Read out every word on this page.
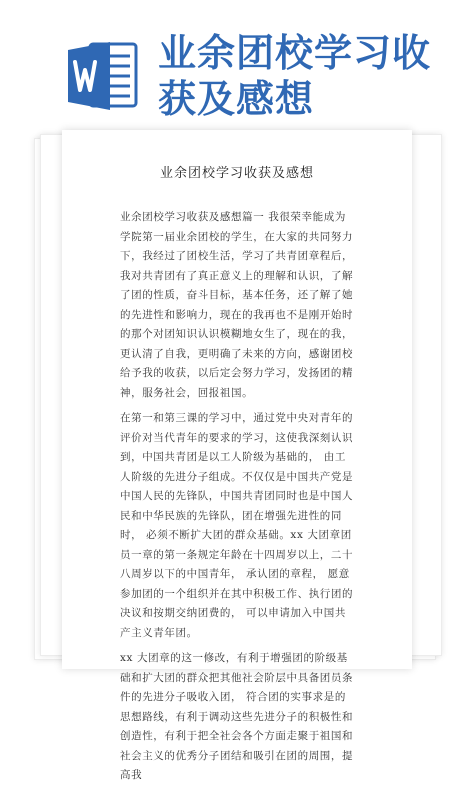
业余团校学习收获及感想
业余团校学习收获及感想

业余团校学习收获及感想篇一 我很荣幸能成为学院第一届业余团校的学生，在大家的共同努力下，我经过了团校生活，学习了共青团章程后，我对共青团有了真正意义上的理解和认识，了解了团的性质，奋斗目标，基本任务，还了解了她的先进性和影响力，现在的我再也不是刚开始时的那个对团知识认识模糊地女生了，现在的我，更认清了自我，更明确了未来的方向，感谢团校给予我的收获，以后定会努力学习，发扬团的精神，服务社会，回报祖国。

在第一和第三课的学习中，通过党中央对青年的评价对当代青年的要求的学习，这使我深刻认识到，中国共青团是以工人阶级为基础的， 由工人阶级的先进分子组成。不仅仅是中国共产党是中国人民的先锋队，中国共青团同时也是中国人民和中华民族的先锋队，团在增强先进性的同时， 必须不断扩大团的群众基础。xx 大团章团员一章的第一条规定年龄在十四周岁以上，二十八周岁以下的中国青年， 承认团的章程， 愿意参加团的一个组织并在其中积极工作、执行团的决议和按期交纳团费的， 可以申请加入中国共产主义青年团。

xx 大团章的这一修改，有利于增强团的阶级基础和扩大团的群众把其他社会阶层中具备团员条件的先进分子吸收入团， 符合团的实事求是的思想路线，有利于调动这些先进分子的积极性和创造性，有利于把全社会各个方面走聚于祖国和社会主义的优秀分子团结和吸引在团的周围，提高我
